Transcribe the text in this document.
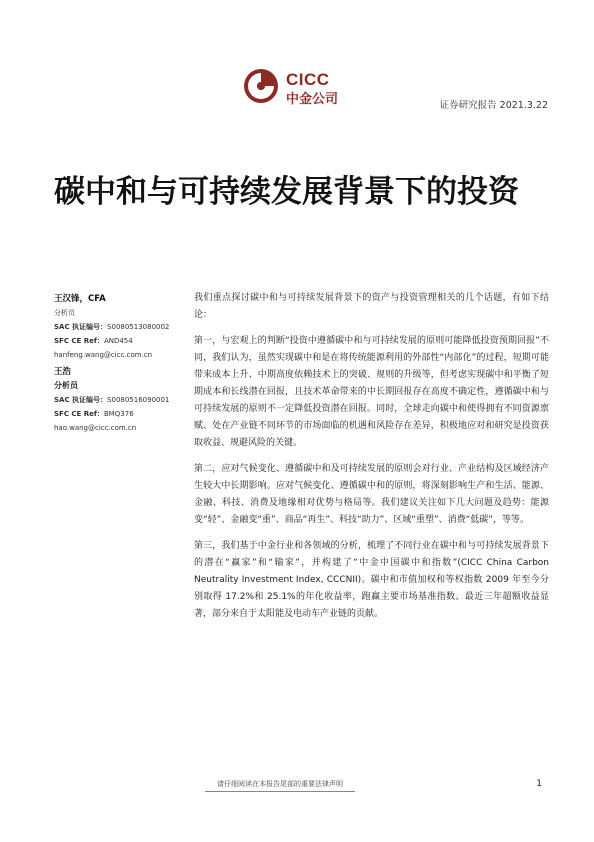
CICC
中金公司	证券研究报告 2021.3.22
碳中和与可持续发展背景下的投资
王汉锋，CFA
分析员
SAC 执证编号：S0080513080002
SFC CE Ref：AND454
hanfeng.wang@cicc.com.cn
王浩
分析员
SAC 执证编号：S0080516090001
SFC CE Ref：BMQ376
hao.wang@cicc.com.cn

我们重点探讨碳中和与可持续发展背景下的资产与投资管理相关的几个话题，有如下结论：

第一，与宏观上的判断“投资中遵循碳中和与可持续发展的原则可能降低投资预期回报”不同，我们认为，虽然实现碳中和是在将传统能源利用的外部性“内部化”的过程，短期可能带来成本上升、中期高度依赖技术上的突破、规则的升级等，但考虑实现碳中和平衡了短期成本和长线潜在回报，且技术革命带来的中长期回报存在高度不确定性，遵循碳中和与可持续发展的原则不一定降低投资潜在回报。同时，全球走向碳中和使得拥有不同资源禀赋、处在产业链不同环节的市场面临的机遇和风险存在差异，积极地应对和研究是投资获取收益、规避风险的关键。

第二，应对气候变化、遵循碳中和及可持续发展的原则会对行业、产业结构及区域经济产生较大中长期影响。应对气候变化、遵循碳中和的原则，将深刻影响生产和生活、能源、金融、科技、消费及地缘相对优势与格局等。我们建议关注如下几大问题及趋势：能源变“轻”、金融变“重”、商品“再生”、科技“助力”、区域“重塑”、消费“低碳”，等等。

第三，我们基于中金行业和各领域的分析，梳理了不同行业在碳中和与可持续发展背景下的潜在“赢家”和“输家”，并构建了“中金中国碳中和指数”(CICC China Carbon Neutrality Investment Index, CCCNII)。碳中和市值加权和等权指数 2009 年至今分别取得 17.2%和 25.1%的年化收益率，跑赢主要市场基准指数。最近三年超额收益显著，部分来自于太阳能及电动车产业链的贡献。

请仔细阅读在本报告尾部的重要法律声明	1
